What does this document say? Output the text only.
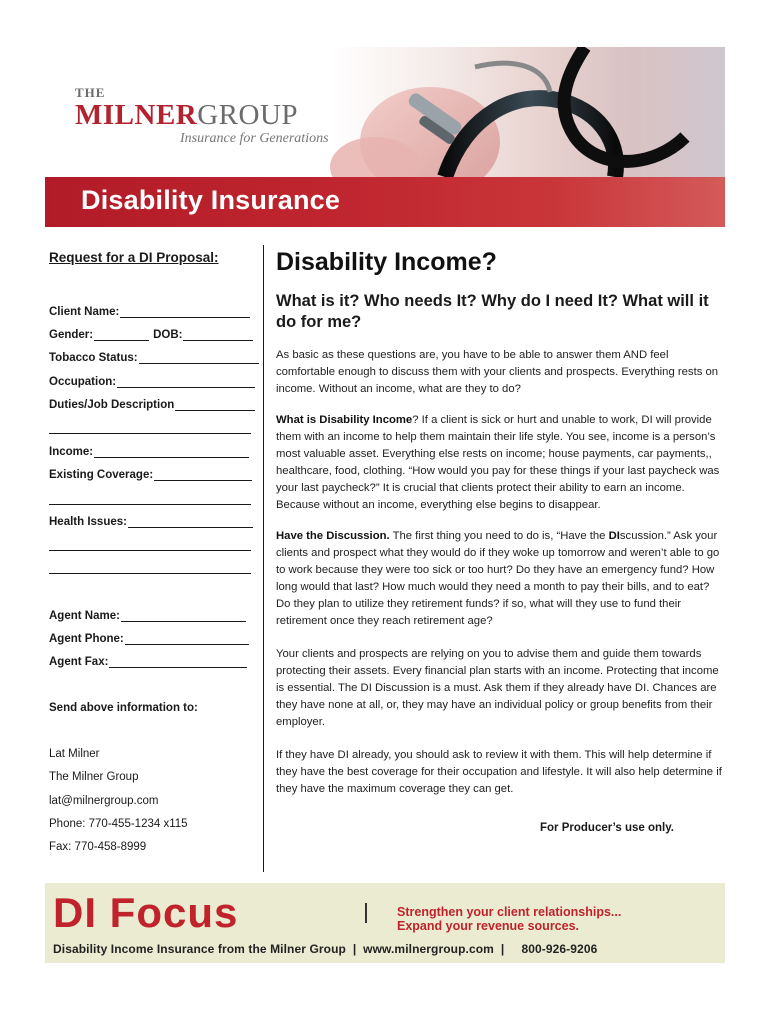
THE
MILNERGROUP
Insurance for Generations
Disability Insurance
Request for a DI Proposal:
Client Name:
Gender:	DOB:
Tobacco Status:
Occupation:
Duties/Job Description
Income:
Existing Coverage:
Health Issues:
Agent Name:
Agent Phone:
Agent Fax:
Send above information to:
Lat Milner
The Milner Group
lat@milnergroup.com
Phone: 770-455-1234 x115
Fax: 770-458-8999
Disability Income?
What is it? Who needs It? Why do I need It? What will it do for me?

As basic as these questions are, you have to be able to answer them AND feel comfortable enough to discuss them with your clients and prospects. Everything rests on income. Without an income, what are they to do?

What is Disability Income? If a client is sick or hurt and unable to work, DI will provide them with an income to help them maintain their life style. You see, income is a person’s most valuable asset. Everything else rests on income; house payments, car payments,, healthcare, food, clothing. “How would you pay for these things if your last paycheck was your last paycheck?” It is crucial that clients protect their ability to earn an income. Because without an income, everything else begins to disappear.

Have the Discussion. The first thing you need to do is, “Have the DIscussion.” Ask your clients and prospect what they would do if they woke up tomorrow and weren’t able to go to work because they were too sick or too hurt? Do they have an emergency fund? How long would that last? How much would they need a month to pay their bills, and to eat? Do they plan to utilize they retirement funds? if so, what will they use to fund their retirement once they reach retirement age?

Your clients and prospects are relying on you to advise them and guide them towards protecting their assets. Every financial plan starts with an income. Protecting that income is essential. The DI Discussion is a must. Ask them if they already have DI. Chances are they have none at all, or, they may have an individual policy or group benefits from their employer.

If they have DI already, you should ask to review it with them. This will help determine if they have the best coverage for their occupation and lifestyle. It will also help determine if they have the maximum coverage they can get.

For Producer’s use only.
DI Focus	Strengthen your client relationships...
Expand your revenue sources.
Disability Income Insurance from the Milner Group  |  www.milnergroup.com  |     800-926-9206
